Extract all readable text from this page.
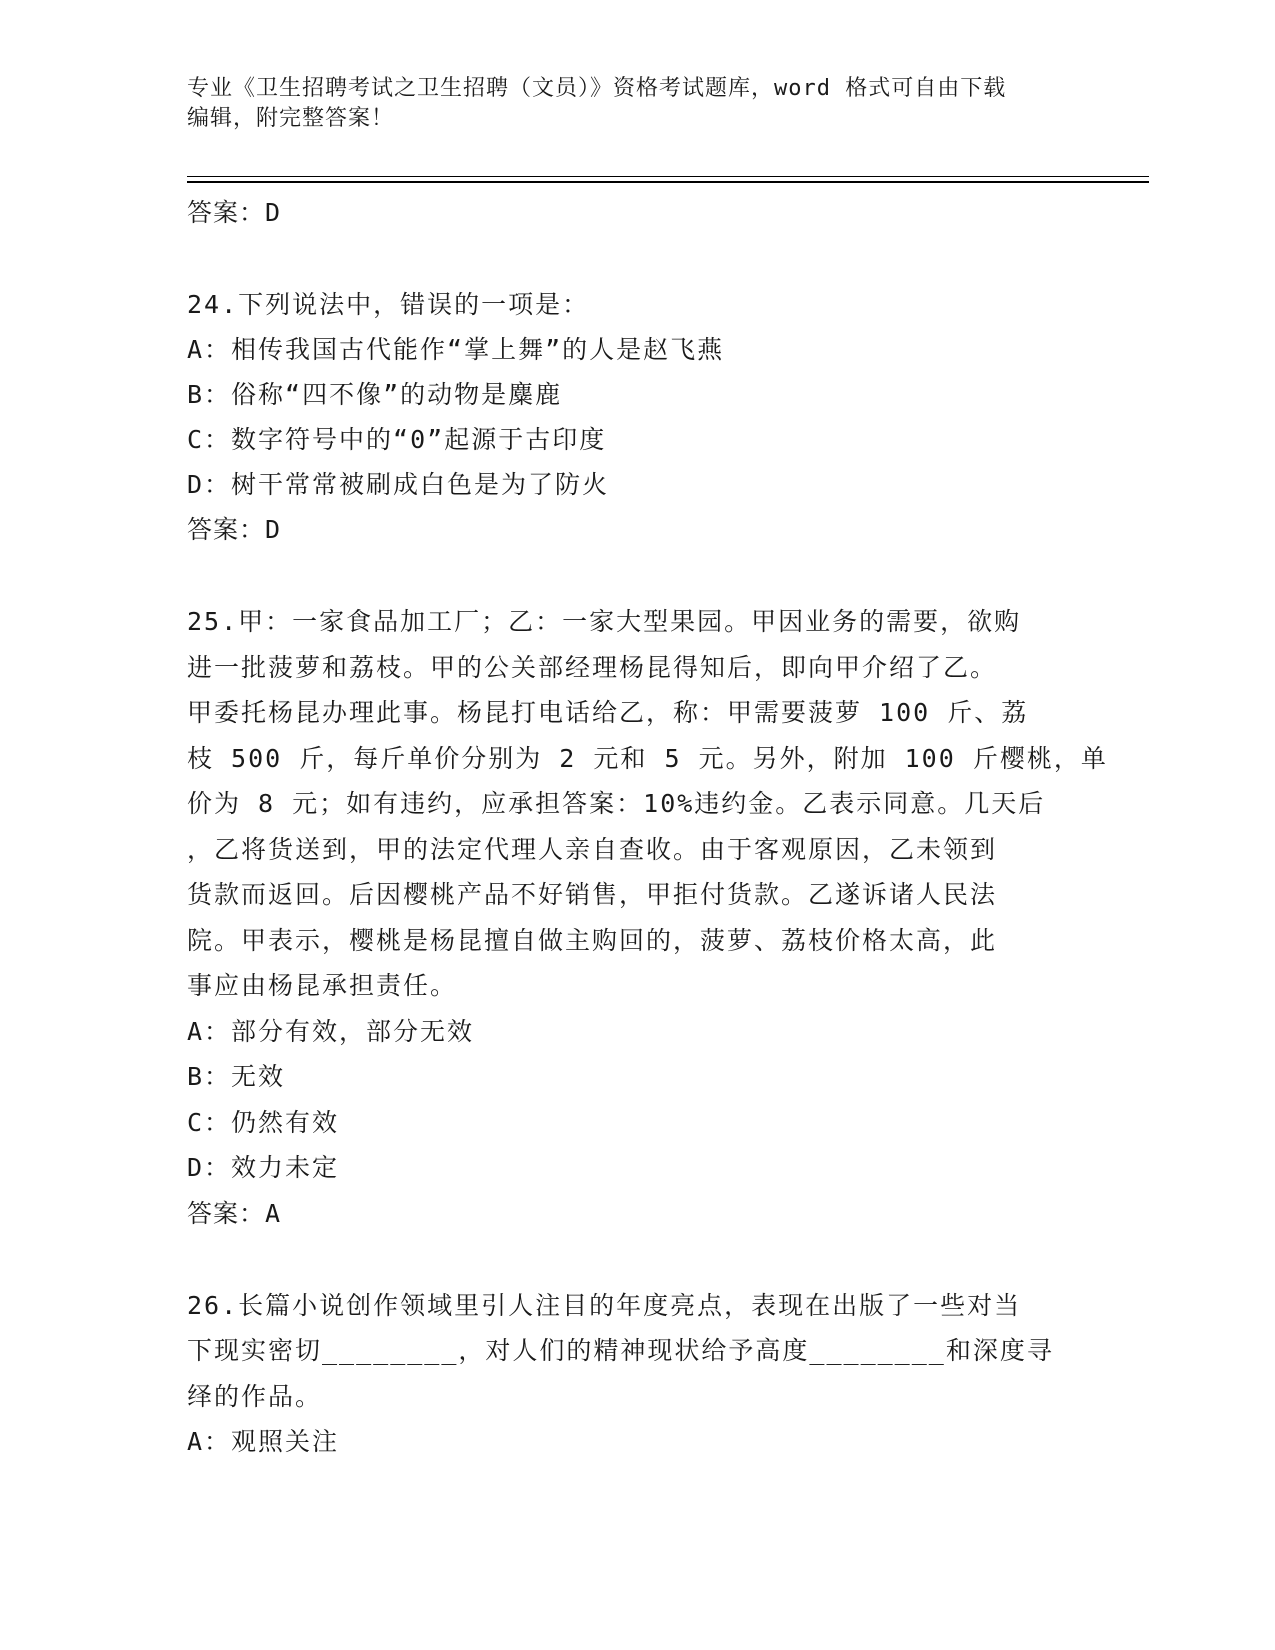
专业《卫生招聘考试之卫生招聘（文员）》资格考试题库，word 格式可自由下载
编辑，附完整答案！
答案：D
24.下列说法中，错误的一项是：
A：相传我国古代能作“掌上舞”的人是赵飞燕
B：俗称“四不像”的动物是麋鹿
C：数字符号中的“0”起源于古印度
D：树干常常被刷成白色是为了防火
答案：D
25.甲：一家食品加工厂；乙：一家大型果园。甲因业务的需要，欲购
进一批菠萝和荔枝。甲的公关部经理杨昆得知后，即向甲介绍了乙。
甲委托杨昆办理此事。杨昆打电话给乙，称：甲需要菠萝 100 斤、荔
枝 500 斤，每斤单价分别为 2 元和 5 元。另外，附加 100 斤樱桃，单
价为 8 元；如有违约，应承担答案：10%违约金。乙表示同意。几天后
，乙将货送到，甲的法定代理人亲自查收。由于客观原因，乙未领到
货款而返回。后因樱桃产品不好销售，甲拒付货款。乙遂诉诸人民法
院。甲表示，樱桃是杨昆擅自做主购回的，菠萝、荔枝价格太高，此
事应由杨昆承担责任。
A：部分有效，部分无效
B：无效
C：仍然有效
D：效力未定
答案：A
26.长篇小说创作领域里引人注目的年度亮点，表现在出版了一些对当
下现实密切________，对人们的精神现状给予高度________和深度寻
绎的作品。
A：观照关注
